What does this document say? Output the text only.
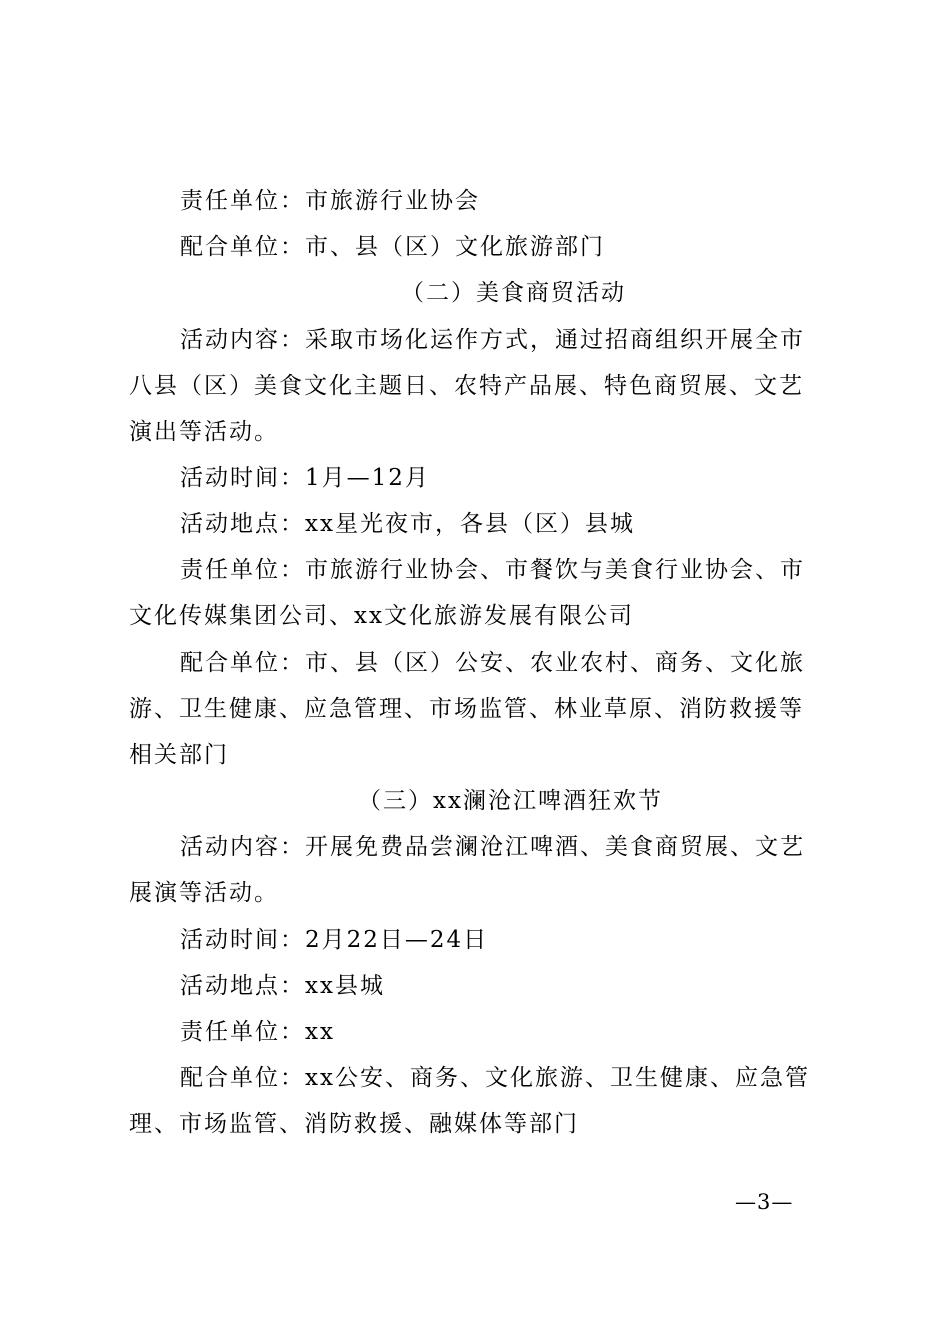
责任单位：市旅游行业协会
配合单位：市、县（区）文化旅游部门
（二）美食商贸活动
活动内容：采取市场化运作方式，通过招商组织开展全市
八县（区）美食文化主题日、农特产品展、特色商贸展、文艺
演出等活动。
活动时间：1月—12月
活动地点：xx星光夜市，各县（区）县城
责任单位：市旅游行业协会、市餐饮与美食行业协会、市
文化传媒集团公司、xx文化旅游发展有限公司
配合单位：市、县（区）公安、农业农村、商务、文化旅
游、卫生健康、应急管理、市场监管、林业草原、消防救援等
相关部门
（三）xx澜沧江啤酒狂欢节
活动内容：开展免费品尝澜沧江啤酒、美食商贸展、文艺
展演等活动。
活动时间：2月22日—24日
活动地点：xx县城
责任单位：xx
配合单位：xx公安、商务、文化旅游、卫生健康、应急管
理、市场监管、消防救援、融媒体等部门
—3—
